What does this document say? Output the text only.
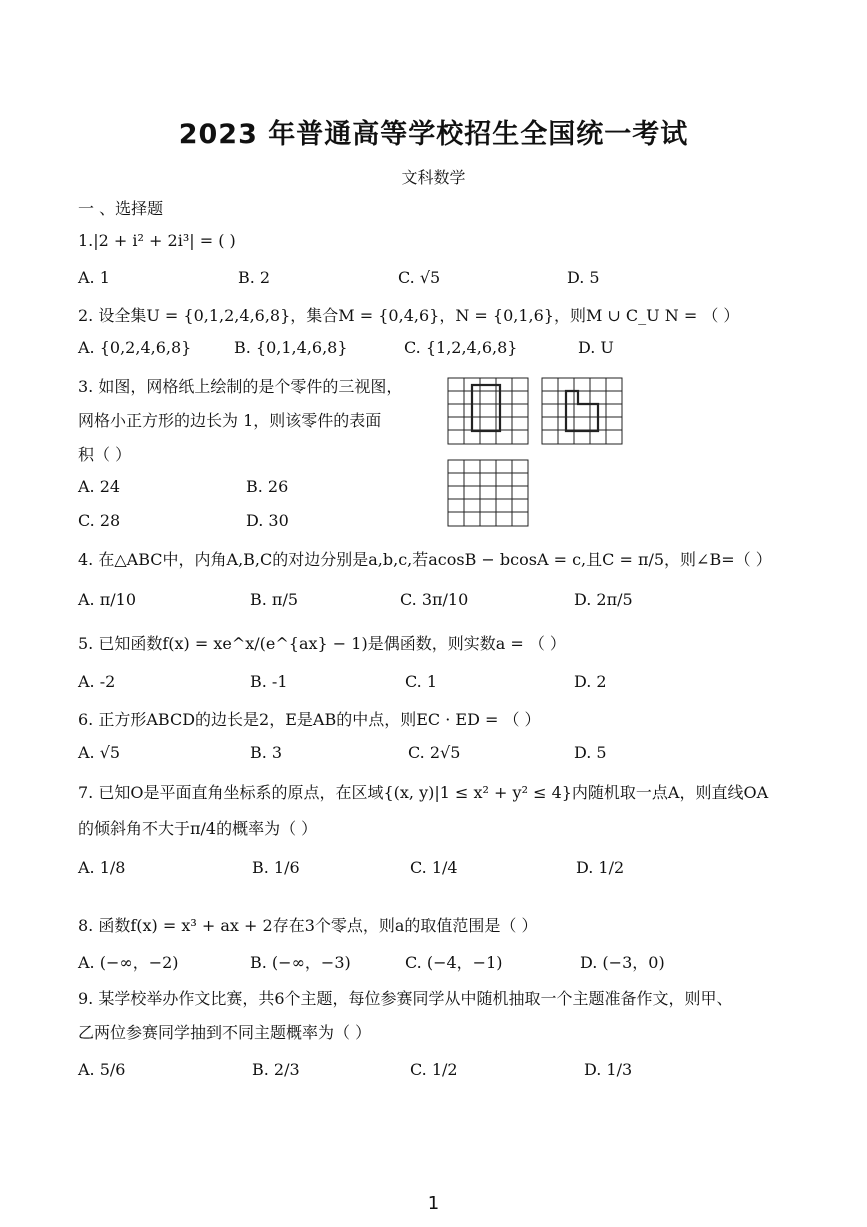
2023 年普通高等学校招生全国统一考试
文科数学
一 、选择题
1.|2 + i² + 2i³| = ( )
A. 1	B. 2	C. √5	D. 5
2. 设全集U = {0,1,2,4,6,8}，集合M = {0,4,6}，N = {0,1,6}，则M ∪ C_U N = （ ）
A. {0,2,4,6,8}	B. {0,1,4,6,8}	C. {1,2,4,6,8}	D. U
3. 如图，网格纸上绘制的是个零件的三视图，
网格小正方形的边长为 1，则该零件的表面
积（ ）
A. 24	B. 26
C. 28	D. 30
4. 在△ABC中，内角A,B,C的对边分别是a,b,c,若acosB − bcosA = c,且C = π/5，则∠B=（ ）
A. π/10	B. π/5	C. 3π/10	D. 2π/5
5. 已知函数f(x) = xe^x/(e^{ax} − 1)是偶函数，则实数a = （ ）
A. -2	B. -1	C. 1	D. 2
6. 正方形ABCD的边长是2，E是AB的中点，则EC · ED = （ ）
A. √5	B. 3	C. 2√5	D. 5
7. 已知O是平面直角坐标系的原点，在区域{(x, y)|1 ≤ x² + y² ≤ 4}内随机取一点A，则直线OA
的倾斜角不大于π/4的概率为（ ）
A. 1/8	B. 1/6	C. 1/4	D. 1/2
8. 函数f(x) = x³ + ax + 2存在3个零点，则a的取值范围是（ ）
A. (−∞，−2)	B. (−∞，−3)	C. (−4，−1)	D. (−3，0)
9. 某学校举办作文比赛，共6个主题，每位参赛同学从中随机抽取一个主题准备作文，则甲、
乙两位参赛同学抽到不同主题概率为（ ）
A. 5/6	B. 2/3	C. 1/2	D. 1/3
1
